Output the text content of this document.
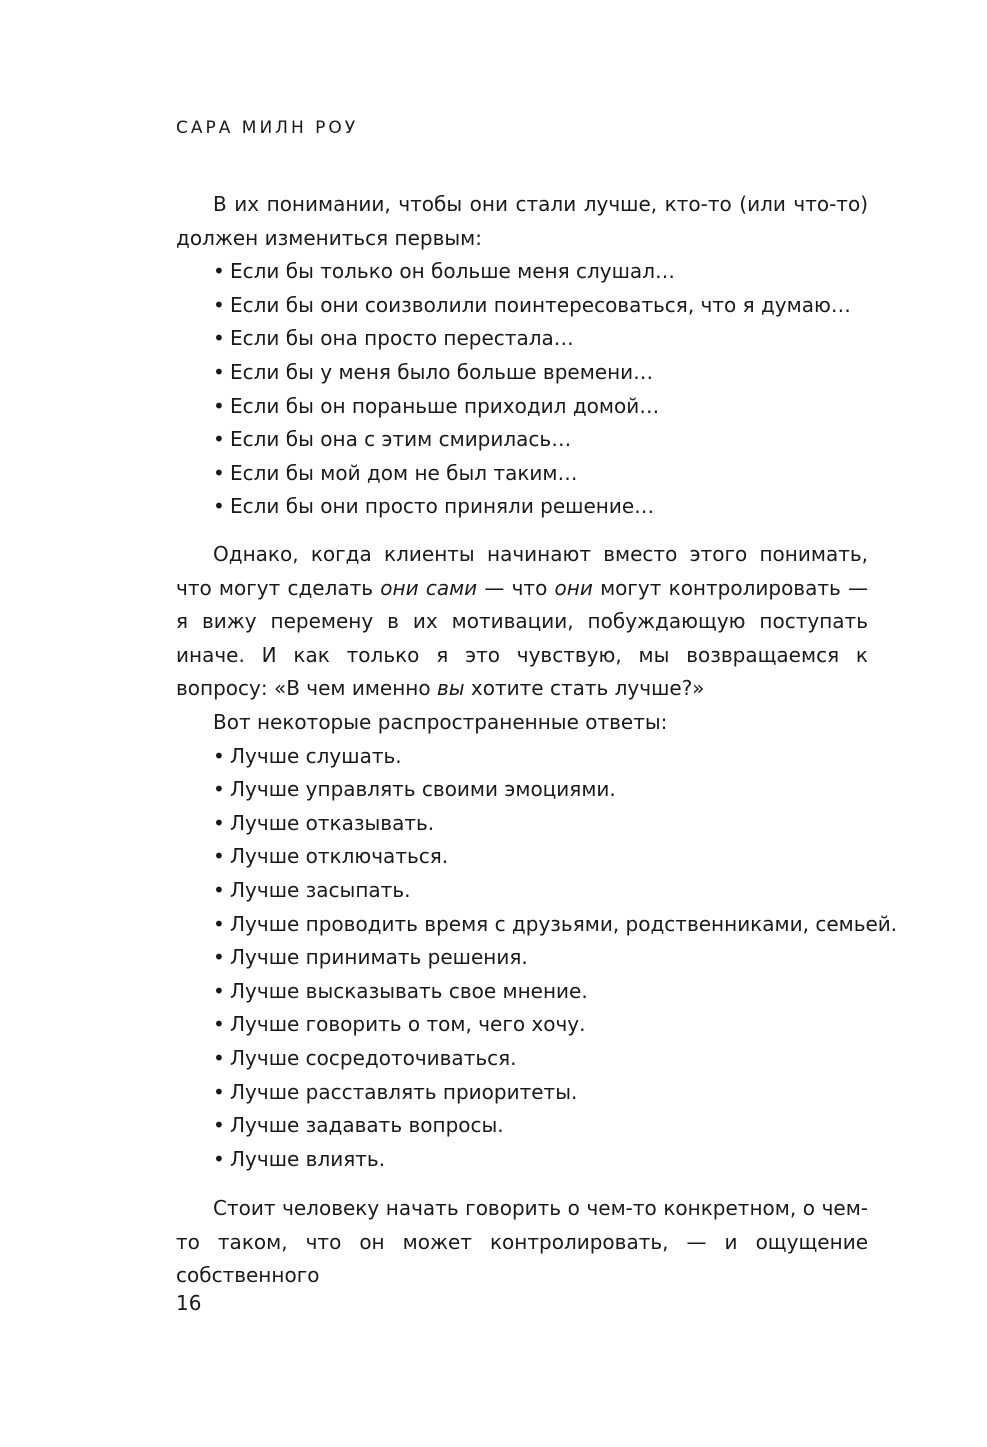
САРА МИЛН РОУ

В их понимании, чтобы они стали лучше, кто-то (или что-то) должен измениться первым:

• Если бы только он больше меня слушал…
• Если бы они соизволили поинтересоваться, что я думаю…
• Если бы она просто перестала…
• Если бы у меня было больше времени…
• Если бы он пораньше приходил домой…
• Если бы она с этим смирилась…
• Если бы мой дом не был таким…
• Если бы они просто приняли решение…

Однако, когда клиенты начинают вместо этого понимать, что могут сделать они сами — что они могут контролировать — я вижу перемену в их мотивации, побуждающую поступать иначе. И как только я это чувствую, мы возвращаемся к вопросу: «В чем именно вы хотите стать лучше?»

Вот некоторые распространенные ответы:

• Лучше слушать.
• Лучше управлять своими эмоциями.
• Лучше отказывать.
• Лучше отключаться.
• Лучше засыпать.
• Лучше проводить время с друзьями, родственниками, семьей.
• Лучше принимать решения.
• Лучше высказывать свое мнение.
• Лучше говорить о том, чего хочу.
• Лучше сосредоточиваться.
• Лучше расставлять приоритеты.
• Лучше задавать вопросы.
• Лучше влиять.

Стоит человеку начать говорить о чем-то конкретном, о чем-то таком, что он может контролировать, — и ощущение собственного

16
